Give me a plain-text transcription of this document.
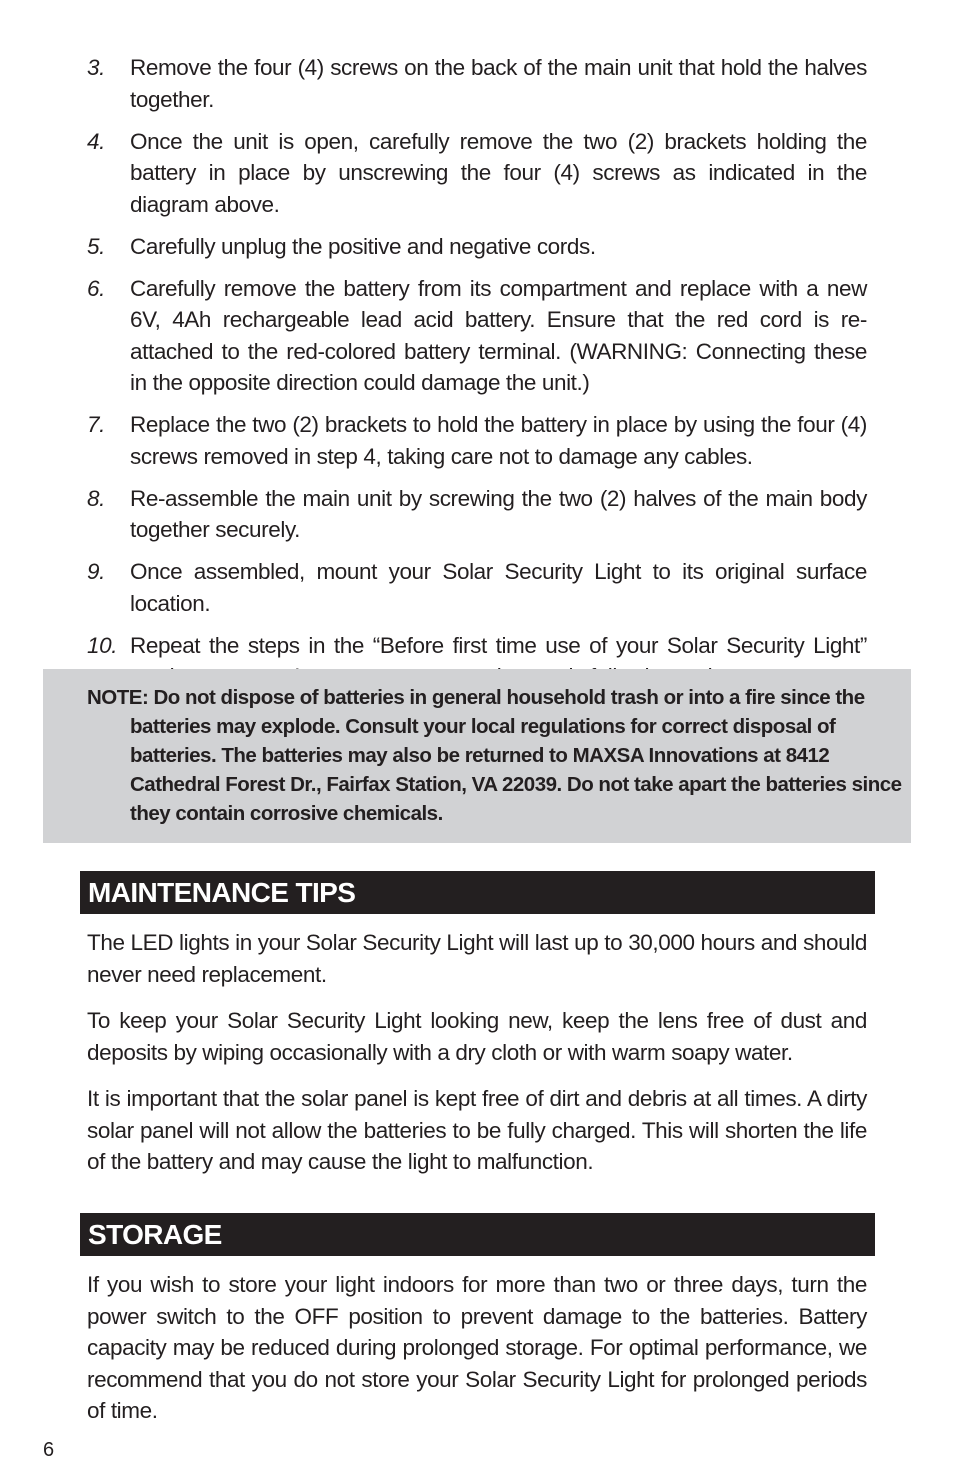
3. Remove the four (4) screws on the back of the main unit that hold the halves together.
4. Once the unit is open, carefully remove the two (2) brackets holding the battery in place by unscrewing the four (4) screws as indicated in the diagram above.
5. Carefully unplug the positive and negative cords.
6. Carefully remove the battery from its compartment and replace with a new 6V, 4Ah rechargeable lead acid battery. Ensure that the red cord is re-attached to the red-colored battery terminal. (WARNING: Connecting these in the opposite direction could damage the unit.)
7. Replace the two (2) brackets to hold the battery in place by using the four (4) screws removed in step 4, taking care not to damage any cables.
8. Re-assemble the main unit by screwing the two (2) halves of the main body together securely.
9. Once assembled, mount your Solar Security Light to its original surface location.
10. Repeat the steps in the “Before first time use of your Solar Security Light”

NOTE: Do not dispose of batteries in general household trash or into a fire since the batteries may explode. Consult your local regulations for correct disposal of batteries. The batteries may also be returned to MAXSA Innovations at 8412 Cathedral Forest Dr., Fairfax Station, VA 22039. Do not take apart the batteries since they contain corrosive chemicals.

MAINTENANCE TIPS

The LED lights in your Solar Security Light will last up to 30,000 hours and should never need replacement.

To keep your Solar Security Light looking new, keep the lens free of dust and deposits by wiping occasionally with a dry cloth or with warm soapy water.

It is important that the solar panel is kept free of dirt and debris at all times. A dirty solar panel will not allow the batteries to be fully charged. This will shorten the life of the battery and may cause the light to malfunction.

STORAGE

If you wish to store your light indoors for more than two or three days, turn the power switch to the OFF position to prevent damage to the batteries. Battery capacity may be reduced during prolonged storage. For optimal performance, we recommend that you do not store your Solar Security Light for prolonged periods of time.

6
